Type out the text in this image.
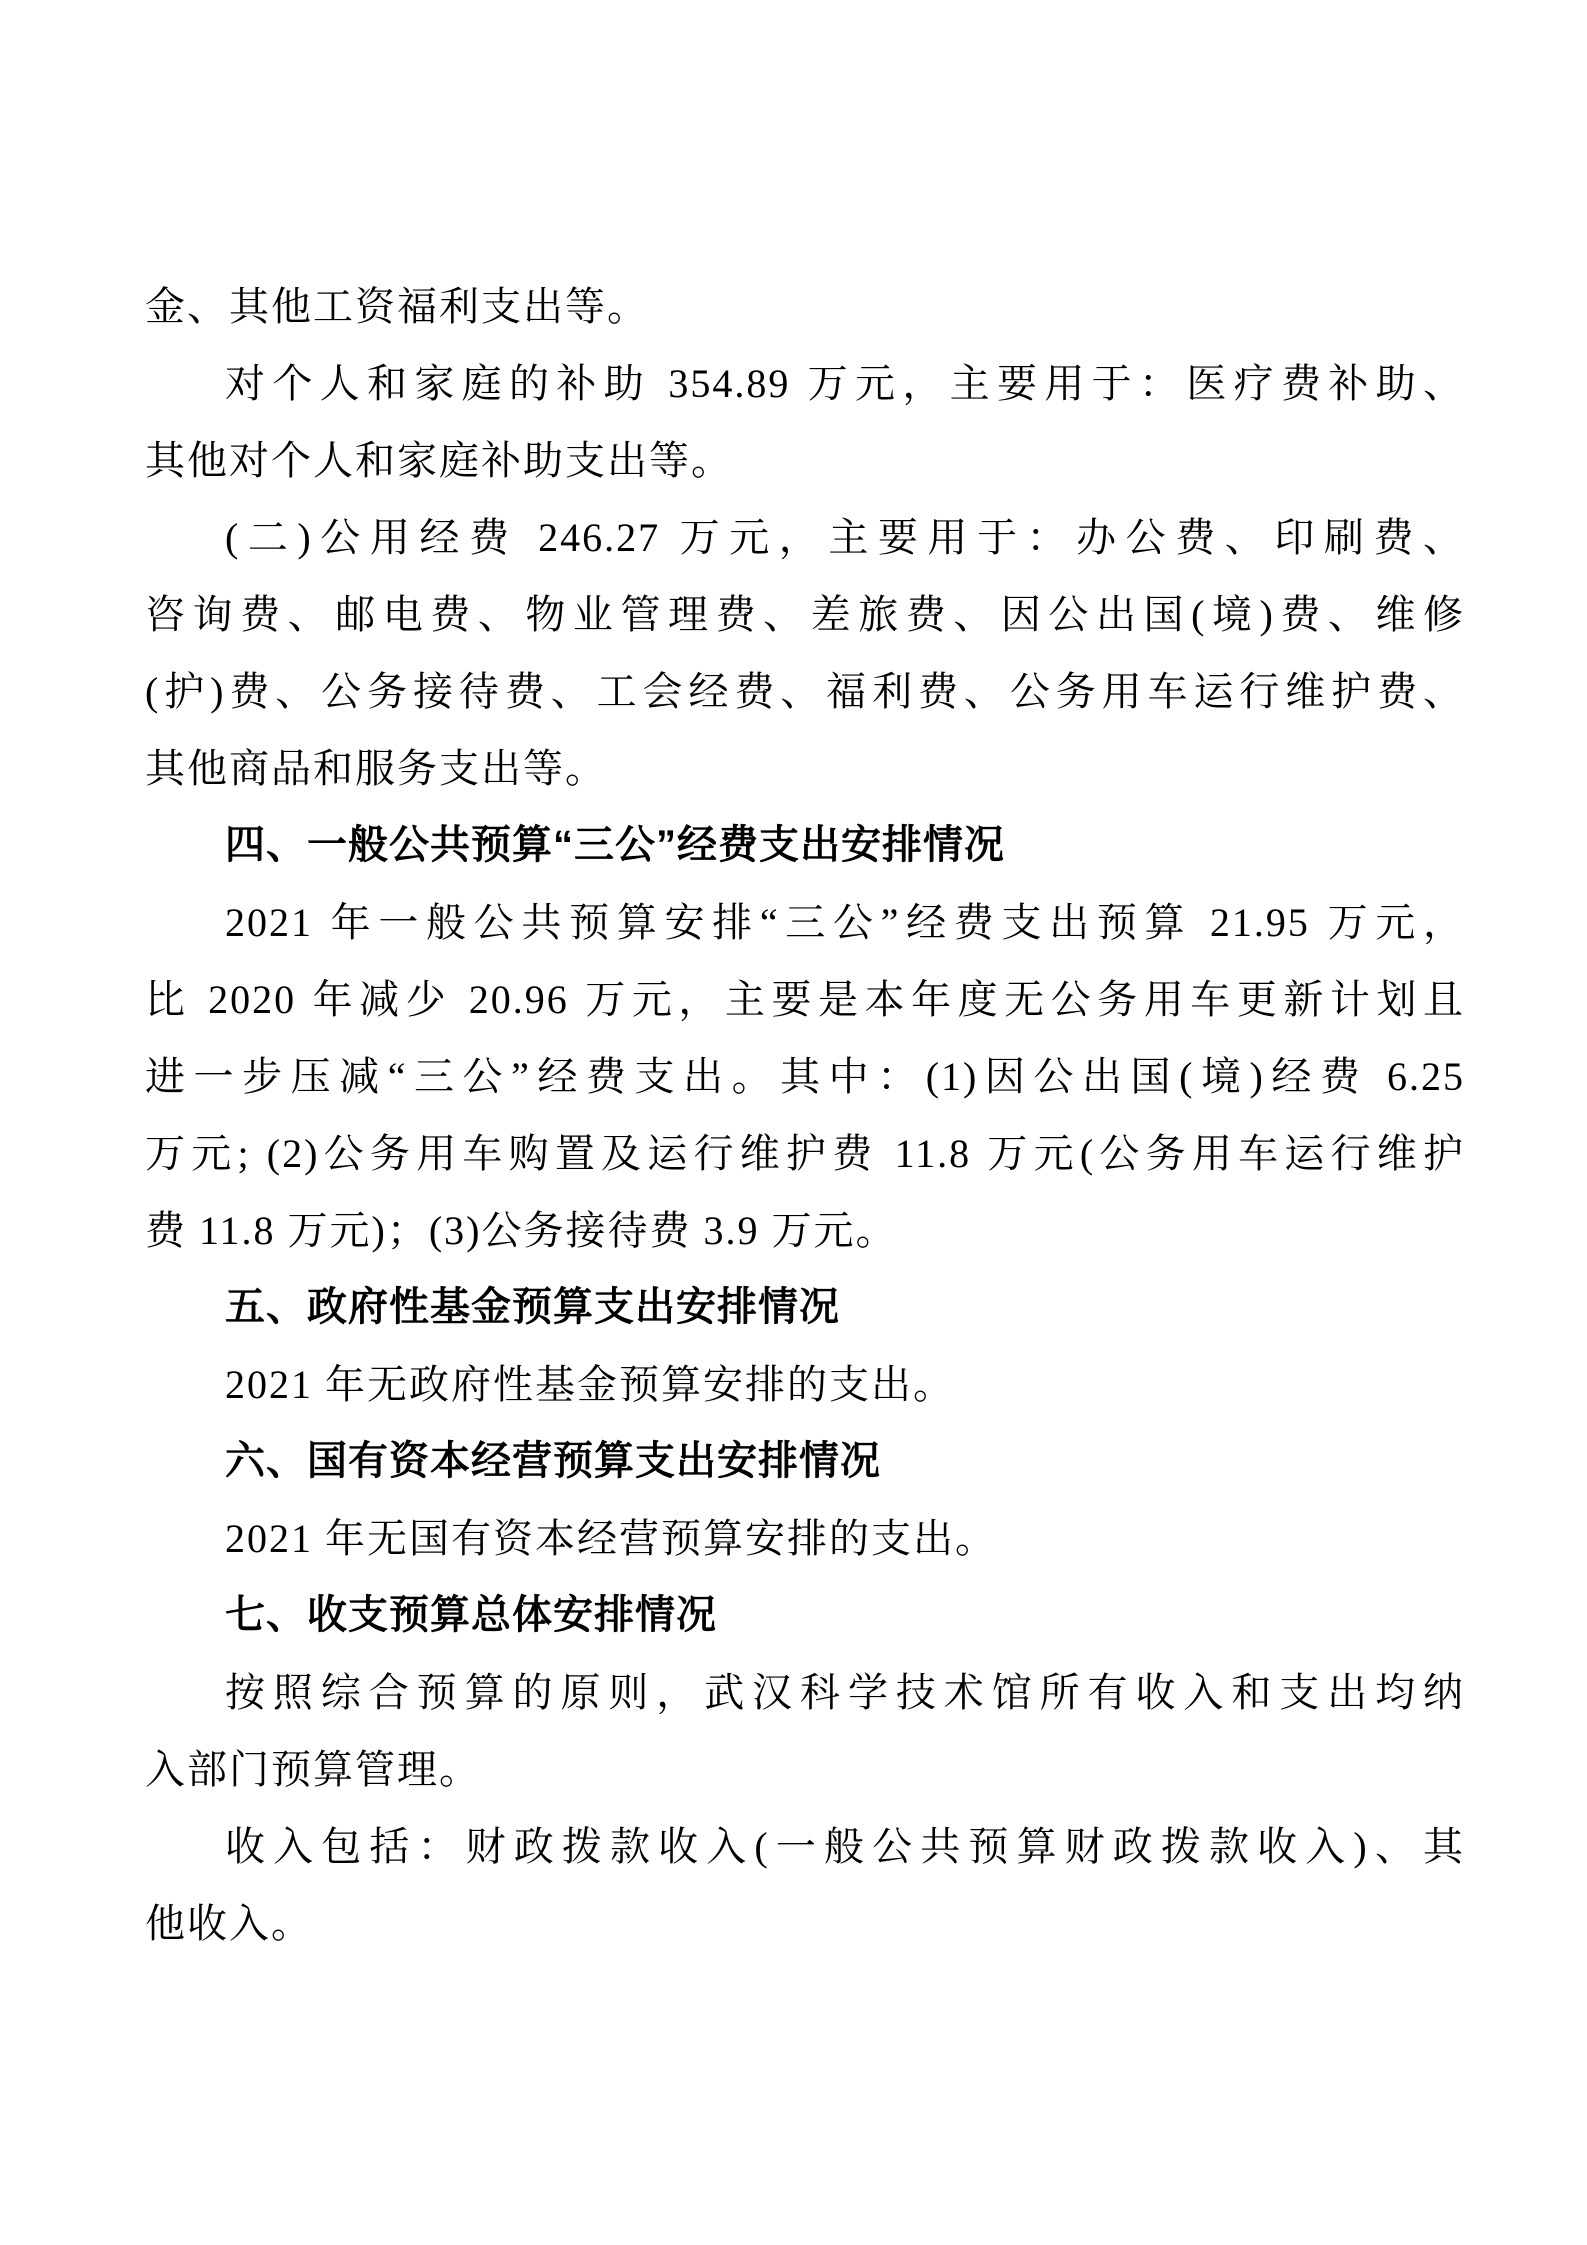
金、其他工资福利支出等。
对个人和家庭的补助 354.89 万元，主要用于：医疗费补助、
其他对个人和家庭补助支出等。
(二)公用经费 246.27 万元，主要用于：办公费、印刷费、
咨询费、邮电费、物业管理费、差旅费、因公出国(境)费、维修
(护)费、公务接待费、工会经费、福利费、公务用车运行维护费、
其他商品和服务支出等。
四、一般公共预算“三公”经费支出安排情况
2021 年一般公共预算安排“三公”经费支出预算 21.95 万元，
比 2020 年减少 20.96 万元，主要是本年度无公务用车更新计划且
进一步压减“三公”经费支出。其中：(1)因公出国(境)经费 6.25
万元; (2)公务用车购置及运行维护费 11.8 万元(公务用车运行维护
费 11.8 万元)；(3)公务接待费 3.9 万元。
五、政府性基金预算支出安排情况
2021 年无政府性基金预算安排的支出。
六、国有资本经营预算支出安排情况
2021 年无国有资本经营预算安排的支出。
七、收支预算总体安排情况
按照综合预算的原则，武汉科学技术馆所有收入和支出均纳
入部门预算管理。
收入包括：财政拨款收入(一般公共预算财政拨款收入)、其
他收入。
